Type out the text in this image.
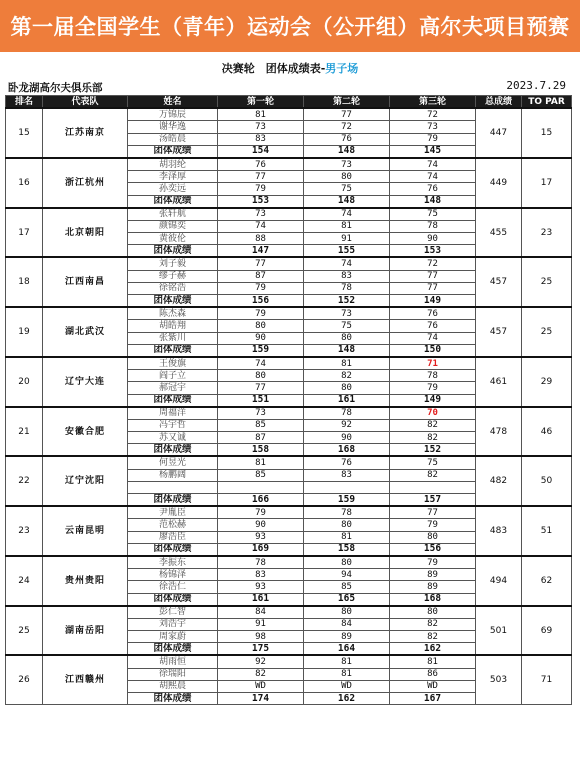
第一届全国学生（青年）运动会（公开组）高尔夫项目预赛
决赛轮　团体成绩表-男子场
卧龙湖高尔夫俱乐部	2023.7.29
排名	代表队	姓名	第一轮	第二轮	第三轮	总成绩	TO PAR
15	江苏南京	万锦辰	81	77	72	447	15
		谢华逸	73	72	73		
		汤皓晨	83	76	79		
		团体成绩	154	148	145		
16	浙江杭州	胡羽纶	76	73	74	449	17
		李泽厚	77	80	74		
		孙奕远	79	75	76		
		团体成绩	153	148	148		
17	北京朝阳	张轩航	73	74	75	455	23
		颜锦奕	74	81	78		
		黄彼伦	88	91	90		
		团体成绩	147	155	153		
18	江西南昌	刘子毅	77	74	72	457	25
		缪子赫	87	83	77		
		徐铭浩	79	78	77		
		团体成绩	156	152	149		
19	湖北武汉	陈杰森	79	73	76	457	25
		胡皓翔	80	75	76		
		张紫川	90	80	74		
		团体成绩	159	148	150		
20	辽宁大连	王俊旗	74	81	71	461	29
		阎子立	80	82	78		
		郝冠宇	77	80	79		
		团体成绩	151	161	149		
21	安徽合肥	周福洋	73	78	70	478	46
		冯宇哲	85	92	82		
		苏又诚	87	90	82		
		团体成绩	158	168	152		
22	辽宁沈阳	何昱光	81	76	75	482	50
		杨鹏阔	85	83	82		

		团体成绩	166	159	157		
23	云南昆明	尹胤臣	79	78	77	483	51
		范松赫	90	80	79		
		廖浩臣	93	81	80		
		团体成绩	169	158	156		
24	贵州贵阳	李振东	78	80	79	494	62
		杨锦泽	83	94	89		
		徐浩仁	93	85	89		
		团体成绩	161	165	168		
25	湖南岳阳	彭仁智	84	80	80	501	69
		刘浩宇	91	84	82		
		周家蔚	98	89	82		
		团体成绩	175	164	162		
26	江西赣州	胡雨恒	92	81	81	503	71
		徐瑞阳	82	81	86		
		胡熙晨	WD	WD	WD		
		团体成绩	174	162	167		
